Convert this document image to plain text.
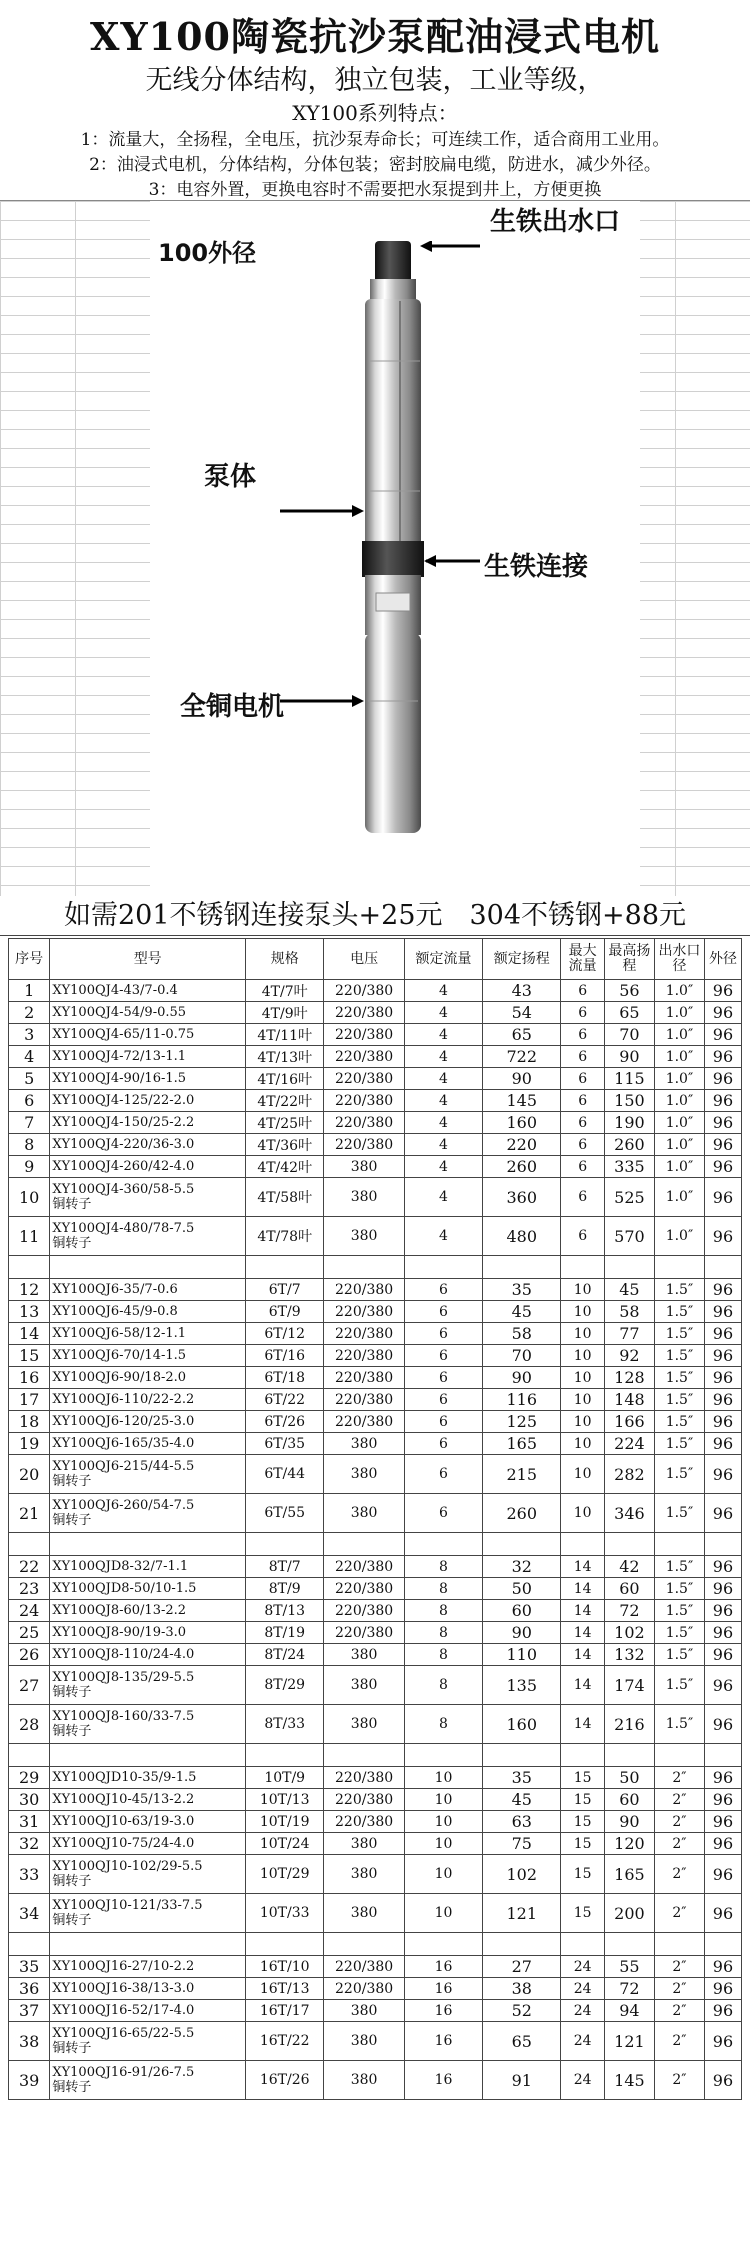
XY100陶瓷抗沙泵配油浸式电机
无线分体结构，独立包装，工业等级，
XY100系列特点：
1：流量大，全扬程，全电压，抗沙泵寿命长；可连续工作，适合商用工业用。
2：油浸式电机，分体结构，分体包装；密封胶扁电缆，防进水，减少外径。
3：电容外置，更换电容时不需要把水泵提到井上，方便更换
100外径
生铁出水口
泵体
生铁连接
全铜电机
如需201不锈钢连接泵头+25元　304不锈钢+88元
序号	型号	规格	电压	额定流量	额定扬程	最大流量	最高扬程	出水口径	外径
1	XY100QJ4-43/7-0.4	4T/7叶	220/380	4	43	6	56	1.0″	96
2	XY100QJ4-54/9-0.55	4T/9叶	220/380	4	54	6	65	1.0″	96
3	XY100QJ4-65/11-0.75	4T/11叶	220/380	4	65	6	70	1.0″	96
4	XY100QJ4-72/13-1.1	4T/13叶	220/380	4	722	6	90	1.0″	96
5	XY100QJ4-90/16-1.5	4T/16叶	220/380	4	90	6	115	1.0″	96
6	XY100QJ4-125/22-2.0	4T/22叶	220/380	4	145	6	150	1.0″	96
7	XY100QJ4-150/25-2.2	4T/25叶	220/380	4	160	6	190	1.0″	96
8	XY100QJ4-220/36-3.0	4T/36叶	220/380	4	220	6	260	1.0″	96
9	XY100QJ4-260/42-4.0	4T/42叶	380	4	260	6	335	1.0″	96
10	XY100QJ4-360/58-5.5
铜转子	4T/58叶	380	4	360	6	525	1.0″	96
11	XY100QJ4-480/78-7.5
铜转子	4T/78叶	380	4	480	6	570	1.0″	96

12	XY100QJ6-35/7-0.6	6T/7	220/380	6	35	10	45	1.5″	96
13	XY100QJ6-45/9-0.8	6T/9	220/380	6	45	10	58	1.5″	96
14	XY100QJ6-58/12-1.1	6T/12	220/380	6	58	10	77	1.5″	96
15	XY100QJ6-70/14-1.5	6T/16	220/380	6	70	10	92	1.5″	96
16	XY100QJ6-90/18-2.0	6T/18	220/380	6	90	10	128	1.5″	96
17	XY100QJ6-110/22-2.2	6T/22	220/380	6	116	10	148	1.5″	96
18	XY100QJ6-120/25-3.0	6T/26	220/380	6	125	10	166	1.5″	96
19	XY100QJ6-165/35-4.0	6T/35	380	6	165	10	224	1.5″	96
20	XY100QJ6-215/44-5.5
铜转子	6T/44	380	6	215	10	282	1.5″	96
21	XY100QJ6-260/54-7.5
铜转子	6T/55	380	6	260	10	346	1.5″	96

22	XY100QJD8-32/7-1.1	8T/7	220/380	8	32	14	42	1.5″	96
23	XY100QJD8-50/10-1.5	8T/9	220/380	8	50	14	60	1.5″	96
24	XY100QJ8-60/13-2.2	8T/13	220/380	8	60	14	72	1.5″	96
25	XY100QJ8-90/19-3.0	8T/19	220/380	8	90	14	102	1.5″	96
26	XY100QJ8-110/24-4.0	8T/24	380	8	110	14	132	1.5″	96
27	XY100QJ8-135/29-5.5
铜转子	8T/29	380	8	135	14	174	1.5″	96
28	XY100QJ8-160/33-7.5
铜转子	8T/33	380	8	160	14	216	1.5″	96

29	XY100QJD10-35/9-1.5	10T/9	220/380	10	35	15	50	2″	96
30	XY100QJ10-45/13-2.2	10T/13	220/380	10	45	15	60	2″	96
31	XY100QJ10-63/19-3.0	10T/19	220/380	10	63	15	90	2″	96
32	XY100QJ10-75/24-4.0	10T/24	380	10	75	15	120	2″	96
33	XY100QJ10-102/29-5.5
铜转子	10T/29	380	10	102	15	165	2″	96
34	XY100QJ10-121/33-7.5
铜转子	10T/33	380	10	121	15	200	2″	96

35	XY100QJ16-27/10-2.2	16T/10	220/380	16	27	24	55	2″	96
36	XY100QJ16-38/13-3.0	16T/13	220/380	16	38	24	72	2″	96
37	XY100QJ16-52/17-4.0	16T/17	380	16	52	24	94	2″	96
38	XY100QJ16-65/22-5.5
铜转子	16T/22	380	16	65	24	121	2″	96
39	XY100QJ16-91/26-7.5
铜转子	16T/26	380	16	91	24	145	2″	96
